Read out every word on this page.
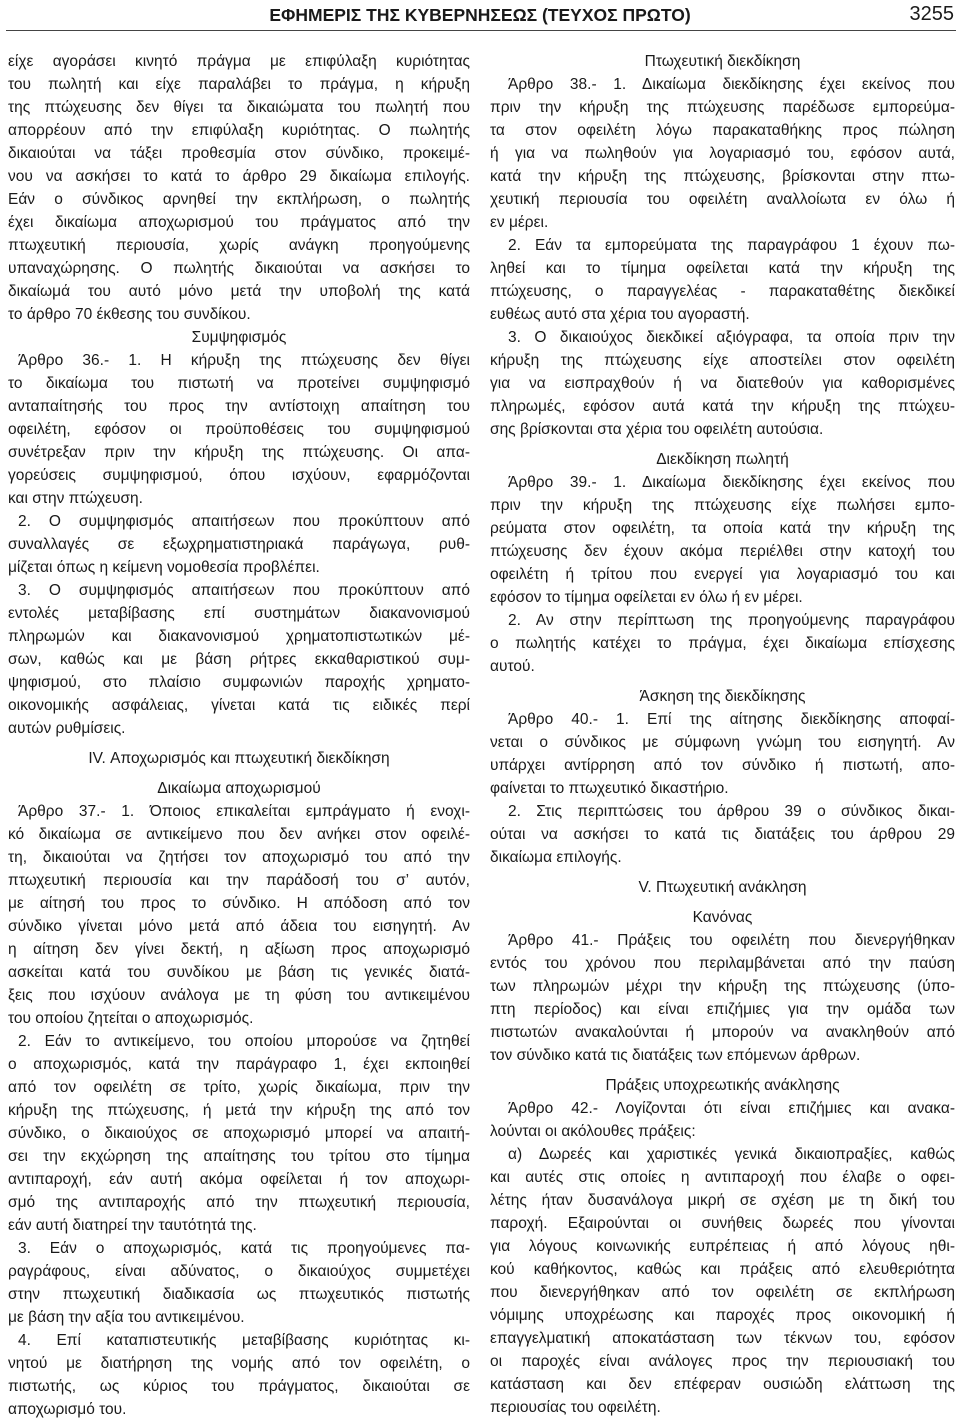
ΕΦΗΜΕΡΙΣ ΤΗΣ ΚΥΒΕΡΝΗΣΕΩΣ (ΤΕΥΧΟΣ ΠΡΩΤΟ)	3255
είχε αγοράσει κινητό πράγμα με επιφύλαξη κυριότητας
του πωλητή και είχε παραλάβει το πράγμα, η κήρυξη
της πτώχευσης δεν θίγει τα δικαιώματα του πωλητή που
απορρέουν από την επιφύλαξη κυριότητας. Ο πωλητής
δικαιούται να τάξει προθεσμία στον σύνδικο, προκειμέ-
νου να ασκήσει το κατά το άρθρο 29 δικαίωμα επιλογής.
Εάν ο σύνδικος αρνηθεί την εκπλήρωση, ο πωλητής
έχει δικαίωμα αποχωρισμού του πράγματος από την
πτωχευτική περιουσία, χωρίς ανάγκη προηγούμενης
υπαναχώρησης. Ο πωλητής δικαιούται να ασκήσει το
δικαίωμά του αυτό μόνο μετά την υποβολή της κατά
το άρθρο 70 έκθεσης του συνδίκου.
Συμψηφισμός
Άρθρο 36.- 1. Η κήρυξη της πτώχευσης δεν θίγει
το δικαίωμα του πιστωτή να προτείνει συμψηφισμό
ανταπαίτησής του προς την αντίστοιχη απαίτηση του
οφειλέτη, εφόσον οι προϋποθέσεις του συμψηφισμού
συνέτρεξαν πριν την κήρυξη της πτώχευσης. Οι απα-
γορεύσεις συμψηφισμού, όπου ισχύουν, εφαρμόζονται
και στην πτώχευση.
2. Ο συμψηφισμός απαιτήσεων που προκύπτουν από
συναλλαγές σε εξωχρηματιστηριακά παράγωγα, ρυθ-
μίζεται όπως η κείμενη νομοθεσία προβλέπει.
3. Ο συμψηφισμός απαιτήσεων που προκύπτουν από
εντολές μεταβίβασης επί συστημάτων διακανονισμού
πληρωμών και διακανονισμού χρηματοπιστωτικών μέ-
σων, καθώς και με βάση ρήτρες εκκαθαριστικού συμ-
ψηφισμού, στο πλαίσιο συμφωνιών παροχής χρηματο-
οικονομικής ασφάλειας, γίνεται κατά τις ειδικές περί
αυτών ρυθμίσεις.
IV. Αποχωρισμός και πτωχευτική διεκδίκηση
Δικαίωμα αποχωρισμού
Άρθρο 37.- 1. Όποιος επικαλείται εμπράγματο ή ενοχι-
κό δικαίωμα σε αντικείμενο που δεν ανήκει στον οφειλέ-
τη, δικαιούται να ζητήσει τον αποχωρισμό του από την
πτωχευτική περιουσία και την παράδοσή του σ’ αυτόν,
με αίτησή του προς το σύνδικο. Η απόδοση από τον
σύνδικο γίνεται μόνο μετά από άδεια του εισηγητή. Αν
η αίτηση δεν γίνει δεκτή, η αξίωση προς αποχωρισμό
ασκείται κατά του συνδίκου με βάση τις γενικές διατά-
ξεις που ισχύουν ανάλογα με τη φύση του αντικειμένου
του οποίου ζητείται ο αποχωρισμός.
2. Εάν το αντικείμενο, του οποίου μπορούσε να ζητηθεί
ο αποχωρισμός, κατά την παράγραφο 1, έχει εκποιηθεί
από τον οφειλέτη σε τρίτο, χωρίς δικαίωμα, πριν την
κήρυξη της πτώχευσης, ή μετά την κήρυξη της από τον
σύνδικο, ο δικαιούχος σε αποχωρισμό μπορεί να απαιτή-
σει την εκχώρηση της απαίτησης του τρίτου στο τίμημα
αντιπαροχή, εάν αυτή ακόμα οφείλεται ή τον αποχωρι-
σμό της αντιπαροχής από την πτωχευτική περιουσία,
εάν αυτή διατηρεί την ταυτότητά της.
3. Εάν ο αποχωρισμός, κατά τις προηγούμενες πα-
ραγράφους, είναι αδύνατος, ο δικαιούχος συμμετέχει
στην πτωχευτική διαδικασία ως πτωχευτικός πιστωτής
με βάση την αξία του αντικειμένου.
4. Επί καταπιστευτικής μεταβίβασης κυριότητας κι-
νητού με διατήρηση της νομής από τον οφειλέτη, ο
πιστωτής, ως κύριος του πράγματος, δικαιούται σε
αποχωρισμό του.
Πτωχευτική διεκδίκηση
Άρθρο 38.- 1. Δικαίωμα διεκδίκησης έχει εκείνος που
πριν την κήρυξη της πτώχευσης παρέδωσε εμπορεύμα-
τα στον οφειλέτη λόγω παρακαταθήκης προς πώληση
ή για να πωληθούν για λογαριασμό του, εφόσον αυτά,
κατά την κήρυξη της πτώχευσης, βρίσκονται στην πτω-
χευτική περιουσία του οφειλέτη αναλλοίωτα εν όλω ή
εν μέρει.
2. Εάν τα εμπορεύματα της παραγράφου 1 έχουν πω-
ληθεί και το τίμημα οφείλεται κατά την κήρυξη της
πτώχευσης, ο παραγγελέας - παρακαταθέτης διεκδικεί
ευθέως αυτό στα χέρια του αγοραστή.
3. Ο δικαιούχος διεκδικεί αξιόγραφα, τα οποία πριν την
κήρυξη της πτώχευσης είχε αποστείλει στον οφειλέτη
για να εισπραχθούν ή να διατεθούν για καθορισμένες
πληρωμές, εφόσον αυτά κατά την κήρυξη της πτώχευ-
σης βρίσκονται στα χέρια του οφειλέτη αυτούσια.
Διεκδίκηση πωλητή
Άρθρο 39.- 1. Δικαίωμα διεκδίκησης έχει εκείνος που
πριν την κήρυξη της πτώχευσης είχε πωλήσει εμπο-
ρεύματα στον οφειλέτη, τα οποία κατά την κήρυξη της
πτώχευσης δεν έχουν ακόμα περιέλθει στην κατοχή του
οφειλέτη ή τρίτου που ενεργεί για λογαριασμό του και
εφόσον το τίμημα οφείλεται εν όλω ή εν μέρει.
2. Αν στην περίπτωση της προηγούμενης παραγράφου
ο πωλητής κατέχει το πράγμα, έχει δικαίωμα επίσχεσης
αυτού.
Άσκηση της διεκδίκησης
Άρθρο 40.- 1. Επί της αίτησης διεκδίκησης αποφαί-
νεται ο σύνδικος με σύμφωνη γνώμη του εισηγητή. Αν
υπάρχει αντίρρηση από τον σύνδικο ή πιστωτή, απο-
φαίνεται το πτωχευτικό δικαστήριο.
2. Στις περιπτώσεις του άρθρου 39 ο σύνδικος δικαι-
ούται να ασκήσει το κατά τις διατάξεις του άρθρου 29
δικαίωμα επιλογής.
V. Πτωχευτική ανάκληση
Κανόνας
Άρθρο 41.- Πράξεις του οφειλέτη που διενεργήθηκαν
εντός του χρόνου που περιλαμβάνεται από την παύση
των πληρωμών μέχρι την κήρυξη της πτώχευσης (ύπο-
πτη περίοδος) και είναι επιζήμιες για την ομάδα των
πιστωτών ανακαλούνται ή μπορούν να ανακληθούν από
τον σύνδικο κατά τις διατάξεις των επόμενων άρθρων.
Πράξεις υποχρεωτικής ανάκλησης
Άρθρο 42.- Λογίζονται ότι είναι επιζήμιες και ανακα-
λούνται οι ακόλουθες πράξεις:
α) Δωρεές και χαριστικές γενικά δικαιοπραξίες, καθώς
και αυτές στις οποίες η αντιπαροχή που έλαβε ο οφει-
λέτης ήταν δυσανάλογα μικρή σε σχέση με τη δική του
παροχή. Εξαιρούνται οι συνήθεις δωρεές που γίνονται
για λόγους κοινωνικής ευπρέπειας ή από λόγους ηθι-
κού καθήκοντος, καθώς και πράξεις από ελευθεριότητα
που διενεργήθηκαν από τον οφειλέτη σε εκπλήρωση
νόμιμης υποχρέωσης και παροχές προς οικονομική ή
επαγγελματική αποκατάσταση των τέκνων του, εφόσον
οι παροχές είναι ανάλογες προς την περιουσιακή του
κατάσταση και δεν επέφεραν ουσιώδη ελάττωση της
περιουσίας του οφειλέτη.
